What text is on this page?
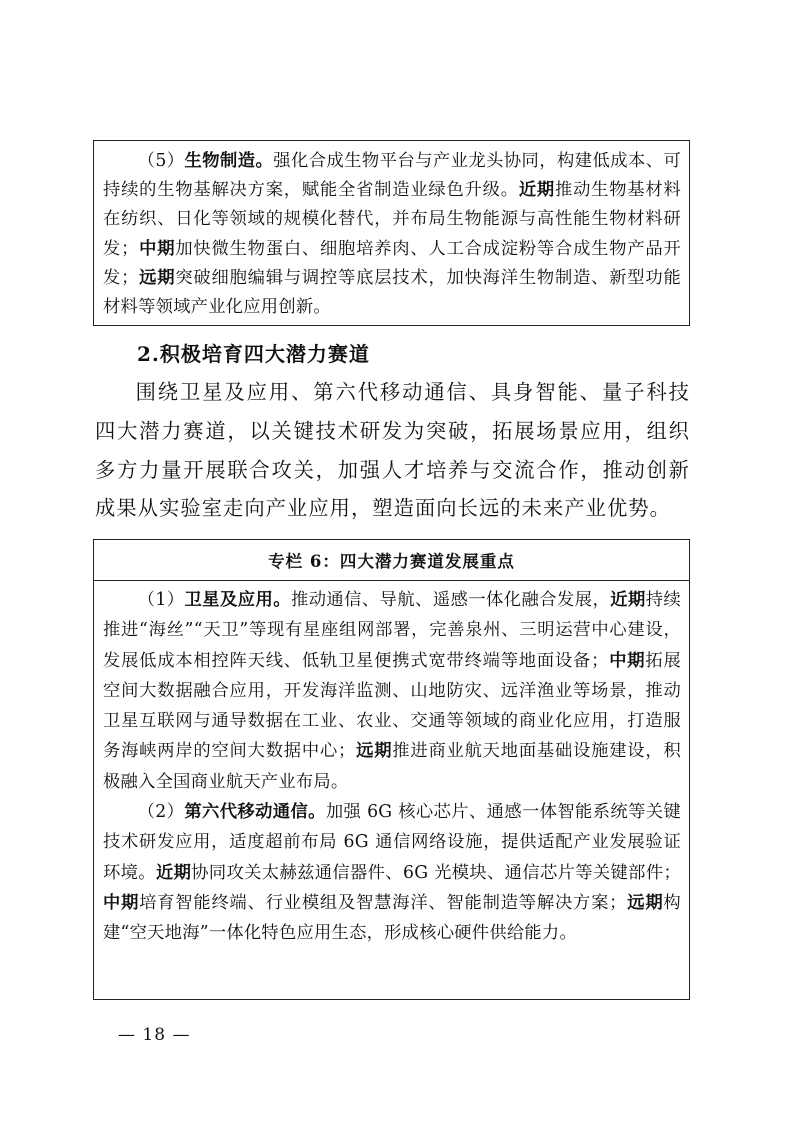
（5）生物制造。强化合成生物平台与产业龙头协同，构建低成本、可持续的生物基解决方案，赋能全省制造业绿色升级。近期推动生物基材料在纺织、日化等领域的规模化替代，并布局生物能源与高性能生物材料研发；中期加快微生物蛋白、细胞培养肉、人工合成淀粉等合成生物产品开发；远期突破细胞编辑与调控等底层技术，加快海洋生物制造、新型功能材料等领域产业化应用创新。

2.积极培育四大潜力赛道

围绕卫星及应用、第六代移动通信、具身智能、量子科技四大潜力赛道，以关键技术研发为突破，拓展场景应用，组织多方力量开展联合攻关，加强人才培养与交流合作，推动创新成果从实验室走向产业应用，塑造面向长远的未来产业优势。

专栏 6：四大潜力赛道发展重点

（1）卫星及应用。推动通信、导航、遥感一体化融合发展，近期持续推进“海丝”“天卫”等现有星座组网部署，完善泉州、三明运营中心建设，发展低成本相控阵天线、低轨卫星便携式宽带终端等地面设备；中期拓展空间大数据融合应用，开发海洋监测、山地防灾、远洋渔业等场景，推动卫星互联网与通导数据在工业、农业、交通等领域的商业化应用，打造服务海峡两岸的空间大数据中心；远期推进商业航天地面基础设施建设，积极融入全国商业航天产业布局。

（2）第六代移动通信。加强 6G 核心芯片、通感一体智能系统等关键技术研发应用，适度超前布局 6G 通信网络设施，提供适配产业发展验证环境。近期协同攻关太赫兹通信器件、6G 光模块、通信芯片等关键部件；中期培育智能终端、行业模组及智慧海洋、智能制造等解决方案；远期构建“空天地海”一体化特色应用生态，形成核心硬件供给能力。

— 18 —
